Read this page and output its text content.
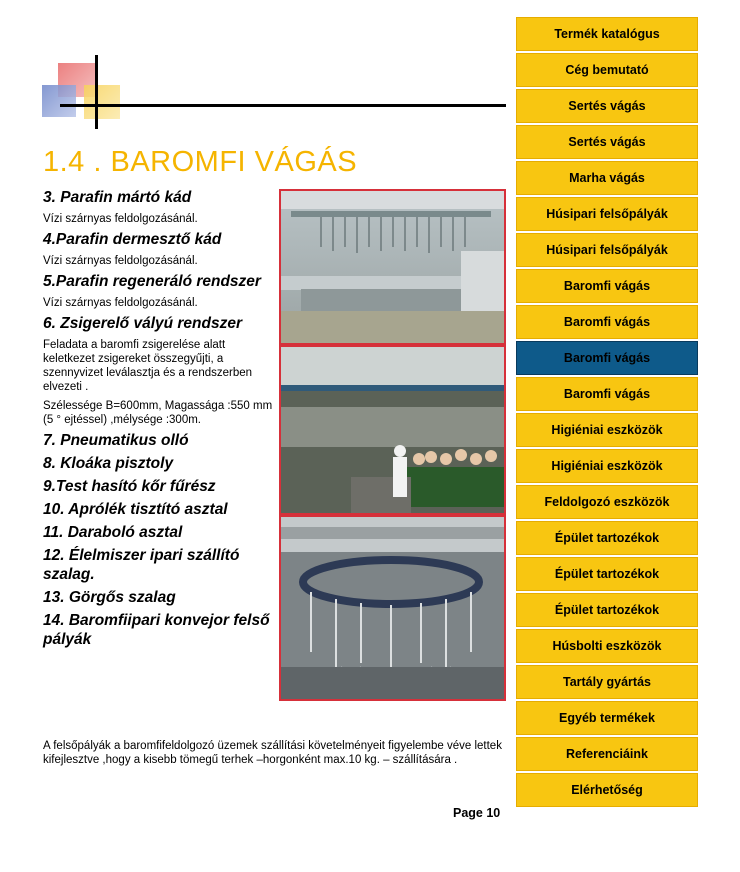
1.4 . BAROMFI VÁGÁS

3. Parafin mártó kád

Vízi szárnyas feldolgozásánál.

4.Parafin dermesztő kád

Vízi szárnyas feldolgozásánál.

5.Parafin regeneráló rendszer

Vízi szárnyas feldolgozásánál.

6. Zsigerelő vályú rendszer

Feladata a baromfi zsigerelése alatt keletkezet zsigereket összegyűjti, a szennyvizet leválasztja és a rendszerben elvezeti .

Szélessége B=600mm, Magassága :550 mm (5 ° ejtéssel) ,mélysége :300m.

7. Pneumatikus olló

8. Kloáka pisztoly

9.Test hasító kőr fűrész

10. Aprólék tisztító asztal

11. Daraboló asztal

12. Élelmiszer ipari szállító szalag.

13. Görgős szalag

14. Baromfiipari konvejor felső pályák

A felsőpályák a baromfifeldolgozó üzemek szállítási követelményeit figyelembe véve lettek kifejlesztve ,hogy a kisebb tömegű terhek –horgonként max.10 kg. – szállítására .

Page 10
Termék katalógus
Cég bemutató
Sertés vágás
Sertés vágás
Marha vágás
Húsipari felsőpályák
Húsipari felsőpályák
Baromfi vágás
Baromfi vágás
Baromfi vágás
Baromfi vágás
Higiéniai eszközök
Higiéniai eszközök
Feldolgozó eszközök
Épület tartozékok
Épület tartozékok
Épület tartozékok
Húsbolti eszközök
Tartály gyártás
Egyéb termékek
Referenciáink
Elérhetőség
